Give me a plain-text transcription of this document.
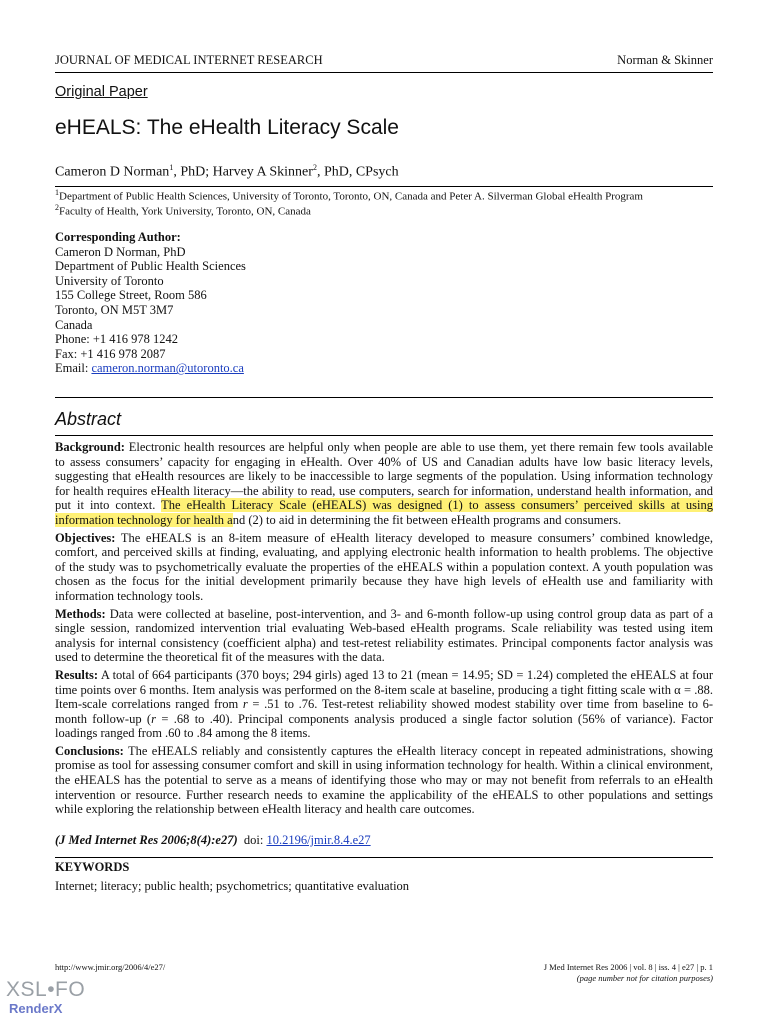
JOURNAL OF MEDICAL INTERNET RESEARCH	Norman & Skinner
Original Paper
eHEALS: The eHealth Literacy Scale
Cameron D Norman$^1$, PhD; Harvey A Skinner$^2$, PhD, CPsych
$^1$Department of Public Health Sciences, University of Toronto, Toronto, ON, Canada and Peter A. Silverman Global eHealth Program
$^2$Faculty of Health, York University, Toronto, ON, Canada
Corresponding Author:
Cameron D Norman, PhD
Department of Public Health Sciences
University of Toronto
155 College Street, Room 586
Toronto, ON M5T 3M7
Canada
Phone: +1 416 978 1242
Fax: +1 416 978 2087
Email: cameron.norman@utoronto.ca
Abstract

Background: Electronic health resources are helpful only when people are able to use them, yet there remain few tools available to assess consumers’ capacity for engaging in eHealth. Over 40% of US and Canadian adults have low basic literacy levels, suggesting that eHealth resources are likely to be inaccessible to large segments of the population. Using information technology for health requires eHealth literacy—the ability to read, use computers, search for information, understand health information, and put it into context. The eHealth Literacy Scale (eHEALS) was designed (1) to assess consumers’ perceived skills at using information technology for health and (2) to aid in determining the fit between eHealth programs and consumers.

Objectives: The eHEALS is an 8-item measure of eHealth literacy developed to measure consumers’ combined knowledge, comfort, and perceived skills at finding, evaluating, and applying electronic health information to health problems. The objective of the study was to psychometrically evaluate the properties of the eHEALS within a population context. A youth population was chosen as the focus for the initial development primarily because they have high levels of eHealth use and familiarity with information technology tools.

Methods: Data were collected at baseline, post-intervention, and 3- and 6-month follow-up using control group data as part of a single session, randomized intervention trial evaluating Web-based eHealth programs. Scale reliability was tested using item analysis for internal consistency (coefficient alpha) and test-retest reliability estimates. Principal components factor analysis was used to determine the theoretical fit of the measures with the data.

Results: A total of 664 participants (370 boys; 294 girls) aged 13 to 21 (mean = 14.95; SD = 1.24) completed the eHEALS at four time points over 6 months. Item analysis was performed on the 8-item scale at baseline, producing a tight fitting scale with α = .88. Item-scale correlations ranged from r = .51 to .76. Test-retest reliability showed modest stability over time from baseline to 6-month follow-up (r = .68 to .40). Principal components analysis produced a single factor solution (56% of variance). Factor loadings ranged from .60 to .84 among the 8 items.

Conclusions: The eHEALS reliably and consistently captures the eHealth literacy concept in repeated administrations, showing promise as tool for assessing consumer comfort and skill in using information technology for health. Within a clinical environment, the eHEALS has the potential to serve as a means of identifying those who may or may not benefit from referrals to an eHealth intervention or resource. Further research needs to examine the applicability of the eHEALS to other populations and settings while exploring the relationship between eHealth literacy and health care outcomes.

(J Med Internet Res 2006;8(4):e27) doi: 10.2196/jmir.8.4.e27
KEYWORDS
Internet; literacy; public health; psychometrics; quantitative evaluation
http://www.jmir.org/2006/4/e27/	J Med Internet Res 2006 | vol. 8 | iss. 4 | e27 | p. 1
(page number not for citation purposes)
XSL•FO
RenderX
